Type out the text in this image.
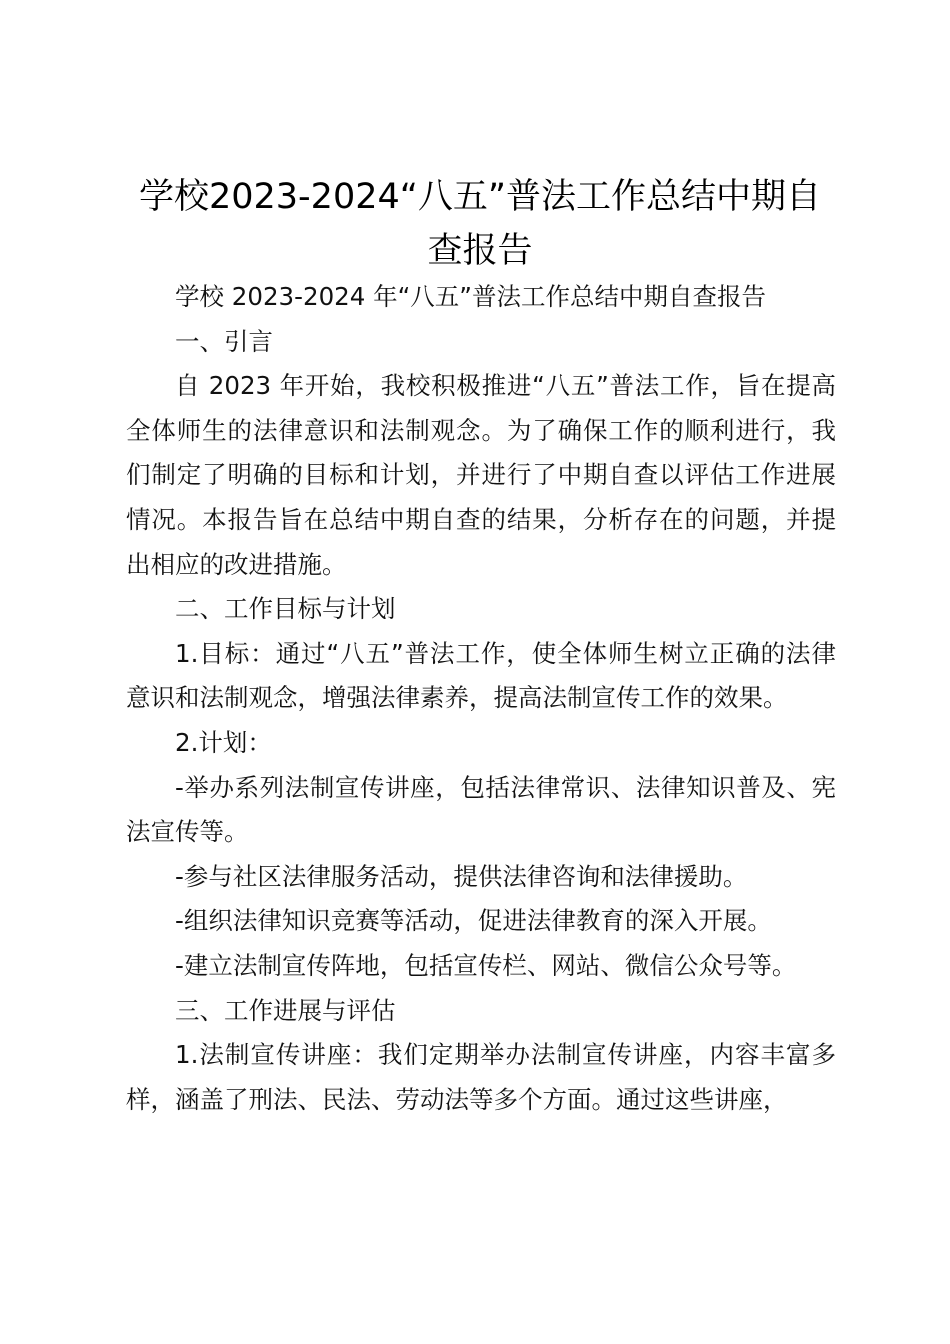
学校2023-2024“八五”普法工作总结中期自查报告

学校 2023-2024 年“八五”普法工作总结中期自查报告

一、引言

自 2023 年开始，我校积极推进“八五”普法工作，旨在提高全体师生的法律意识和法制观念。为了确保工作的顺利进行，我们制定了明确的目标和计划，并进行了中期自查以评估工作进展情况。本报告旨在总结中期自查的结果，分析存在的问题，并提出相应的改进措施。

二、工作目标与计划

1.目标：通过“八五”普法工作，使全体师生树立正确的法律意识和法制观念，增强法律素养，提高法制宣传工作的效果。

2.计划：

-举办系列法制宣传讲座，包括法律常识、法律知识普及、宪法宣传等。

-参与社区法律服务活动，提供法律咨询和法律援助。

-组织法律知识竞赛等活动，促进法律教育的深入开展。

-建立法制宣传阵地，包括宣传栏、网站、微信公众号等。

三、工作进展与评估

1.法制宣传讲座：我们定期举办法制宣传讲座，内容丰富多样，涵盖了刑法、民法、劳动法等多个方面。通过这些讲座，
